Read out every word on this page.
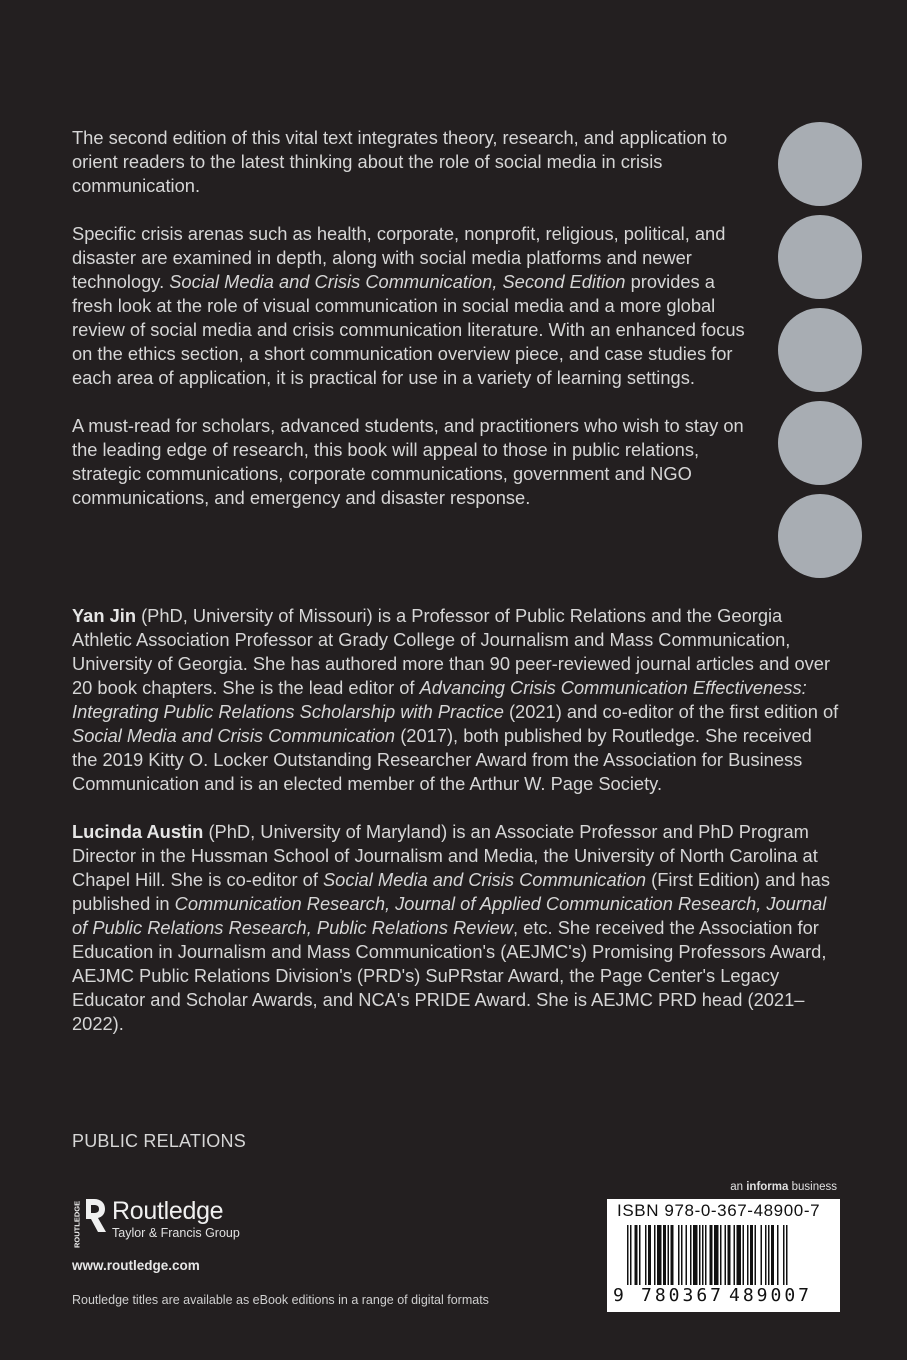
The second edition of this vital text integrates theory, research, and application to orient readers to the latest thinking about the role of social media in crisis communication.

Specific crisis arenas such as health, corporate, nonprofit, religious, political, and disaster are examined in depth, along with social media platforms and newer technology. Social Media and Crisis Communication, Second Edition provides a fresh look at the role of visual communication in social media and a more global review of social media and crisis communication literature. With an enhanced focus on the ethics section, a short communication overview piece, and case studies for each area of application, it is practical for use in a variety of learning settings.

A must-read for scholars, advanced students, and practitioners who wish to stay on the leading edge of research, this book will appeal to those in public relations, strategic communications, corporate communications, government and NGO communications, and emergency and disaster response.

Yan Jin (PhD, University of Missouri) is a Professor of Public Relations and the Georgia Athletic Association Professor at Grady College of Journalism and Mass Communication, University of Georgia. She has authored more than 90 peer-reviewed journal articles and over 20 book chapters. She is the lead editor of Advancing Crisis Communication Effectiveness: Integrating Public Relations Scholarship with Practice (2021) and co-editor of the first edition of Social Media and Crisis Communication (2017), both published by Routledge. She received the 2019 Kitty O. Locker Outstanding Researcher Award from the Association for Business Communication and is an elected member of the Arthur W. Page Society.

Lucinda Austin (PhD, University of Maryland) is an Associate Professor and PhD Program Director in the Hussman School of Journalism and Media, the University of North Carolina at Chapel Hill. She is co-editor of Social Media and Crisis Communication (First Edition) and has published in Communication Research, Journal of Applied Communication Research, Journal of Public Relations Research, Public Relations Review, etc. She received the Association for Education in Journalism and Mass Communication's (AEJMC's) Promising Professors Award, AEJMC Public Relations Division's (PRD's) SuPRstar Award, the Page Center's Legacy Educator and Scholar Awards, and NCA's PRIDE Award. She is AEJMC PRD head (2021–2022).

PUBLIC RELATIONS
ROUTLEDGE Routledge
Taylor & Francis Group
www.routledge.com
Routledge titles are available as eBook editions in a range of digital formats
an informa business
ISBN 978-0-367-48900-7
9 780367 489007
